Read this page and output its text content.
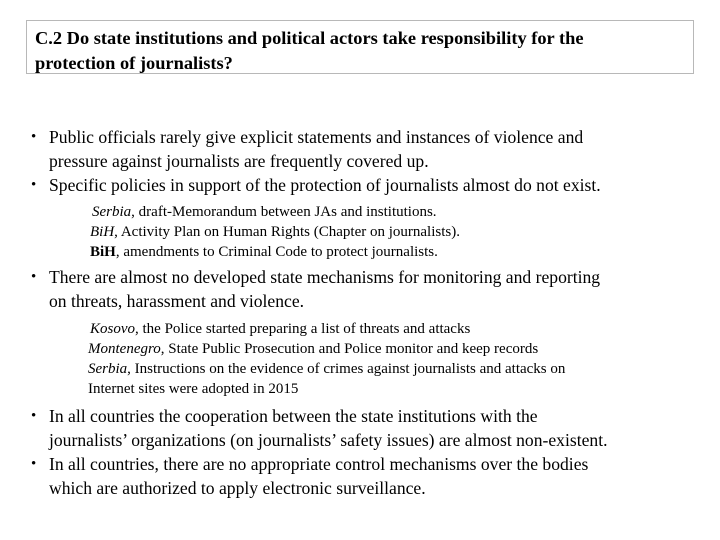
C.2 Do state institutions and political actors take responsibility for the
protection of journalists?
• Public officials rarely give explicit statements and instances of violence and
pressure against journalists are frequently covered up.
• Specific policies in support of the protection of journalists almost do not exist.
Serbia, draft-Memorandum between JAs and institutions.
BiH, Activity Plan on Human Rights (Chapter on journalists).
BiH, amendments to Criminal Code to protect journalists.
• There are almost no developed state mechanisms for monitoring and reporting
on threats, harassment and violence.
Kosovo, the Police started preparing a list of threats and attacks
Montenegro, State Public Prosecution and Police monitor and keep records
Serbia, Instructions on the evidence of crimes against journalists and attacks on
Internet sites were adopted in 2015
• In all countries the cooperation between the state institutions with the
journalists’ organizations (on journalists’ safety issues) are almost non-existent.
• In all countries, there are no appropriate control mechanisms over the bodies
which are authorized to apply electronic surveillance.
